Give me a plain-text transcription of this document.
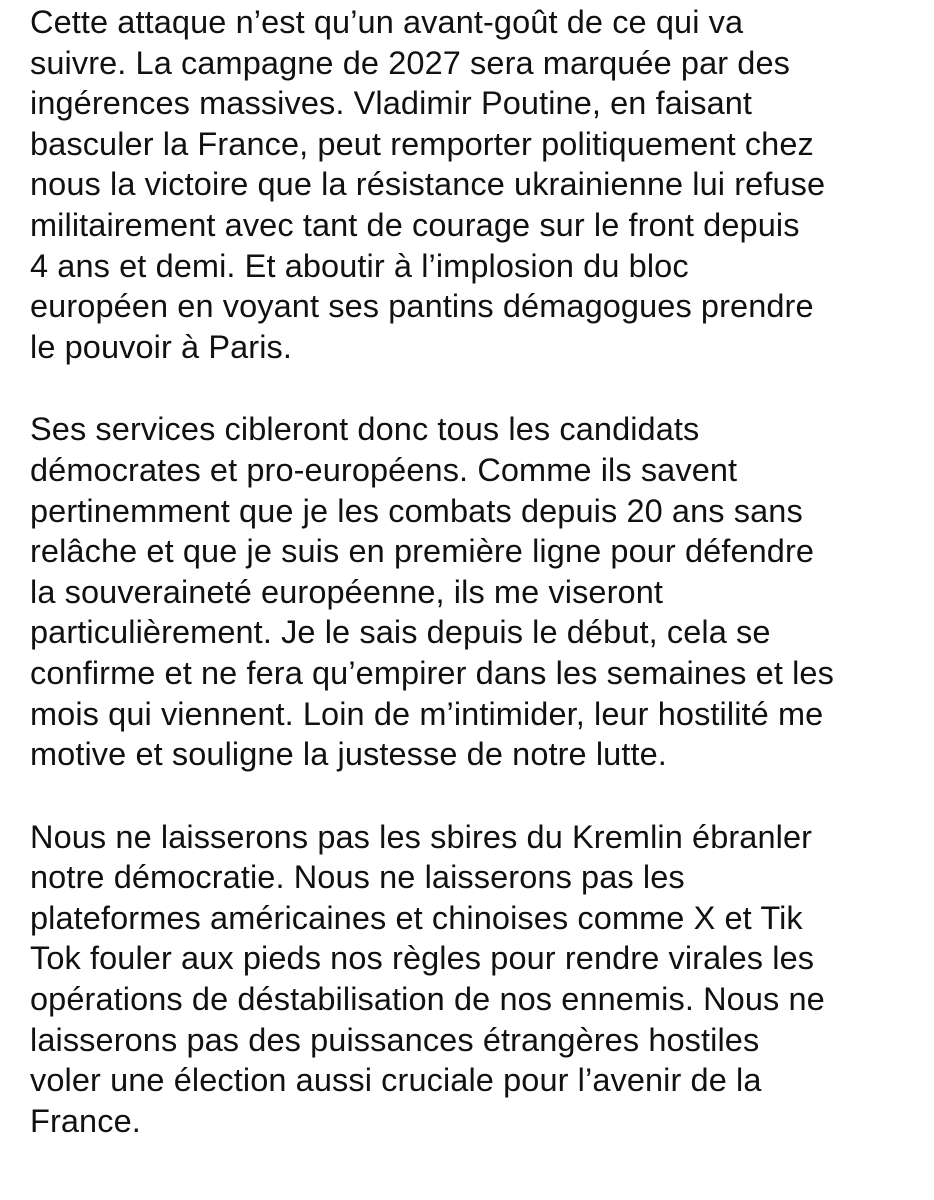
Cette attaque n’est qu’un avant-goût de ce qui va
suivre. La campagne de 2027 sera marquée par des
ingérences massives. Vladimir Poutine, en faisant
basculer la France, peut remporter politiquement chez
nous la victoire que la résistance ukrainienne lui refuse
militairement avec tant de courage sur le front depuis
4 ans et demi. Et aboutir à l’implosion du bloc
européen en voyant ses pantins démagogues prendre
le pouvoir à Paris.
Ses services cibleront donc tous les candidats
démocrates et pro-européens. Comme ils savent
pertinemment que je les combats depuis 20 ans sans
relâche et que je suis en première ligne pour défendre
la souveraineté européenne, ils me viseront
particulièrement. Je le sais depuis le début, cela se
confirme et ne fera qu’empirer dans les semaines et les
mois qui viennent. Loin de m’intimider, leur hostilité me
motive et souligne la justesse de notre lutte.
Nous ne laisserons pas les sbires du Kremlin ébranler
notre démocratie. Nous ne laisserons pas les
plateformes américaines et chinoises comme X et Tik
Tok fouler aux pieds nos règles pour rendre virales les
opérations de déstabilisation de nos ennemis. Nous ne
laisserons pas des puissances étrangères hostiles
voler une élection aussi cruciale pour l’avenir de la
France.
